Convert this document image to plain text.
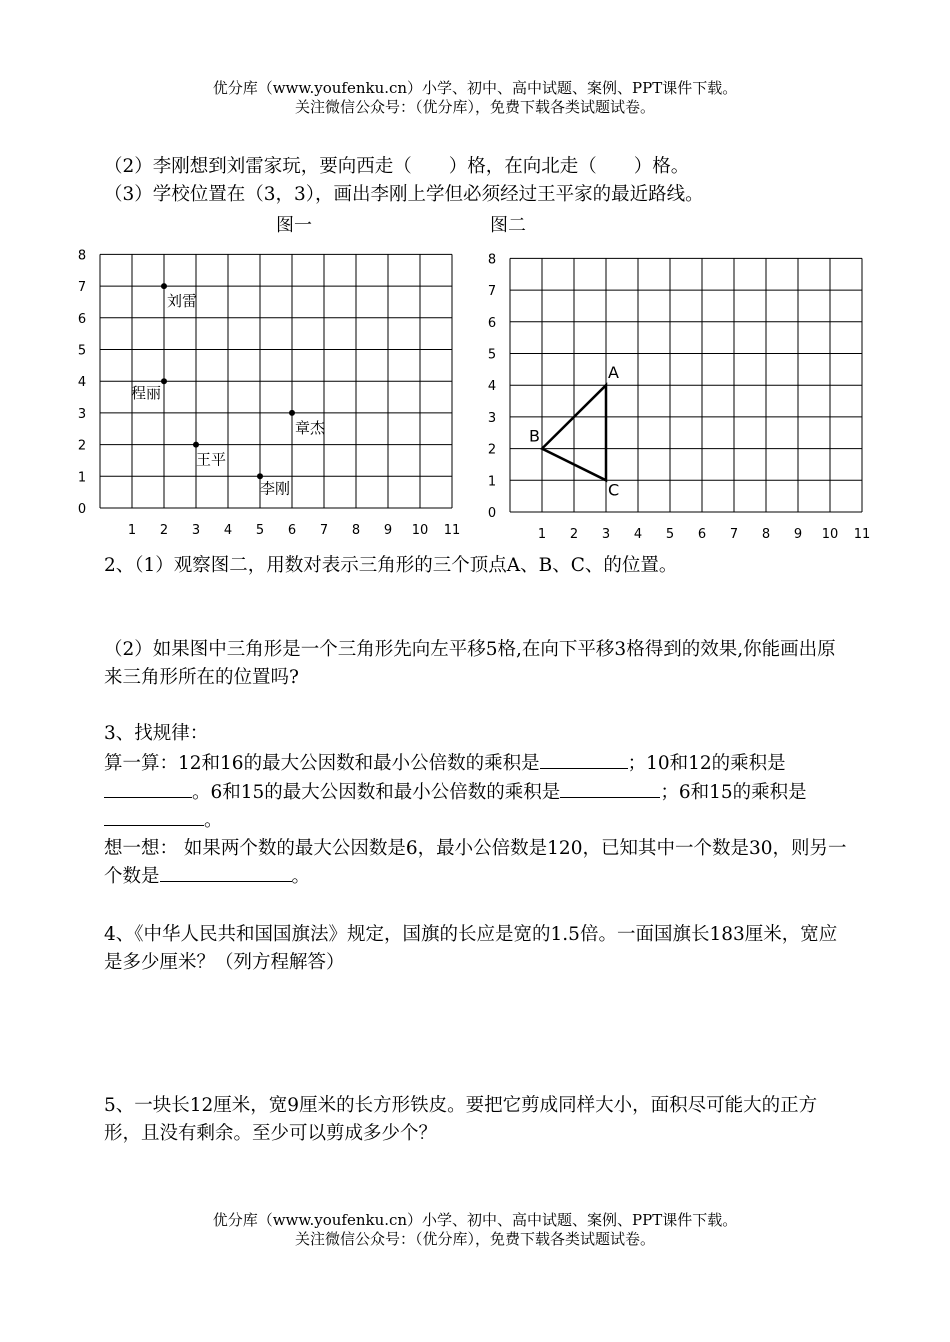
优分库（www.youfenku.cn）小学、初中、高中试题、案例、PPT课件下载。
关注微信公众号：（优分库），免费下载各类试题试卷。
（2）李刚想到刘雷家玩，要向西走（　　）格，在向北走（　　）格。
（3）学校位置在（3，3），画出李刚上学但必须经过王平家的最近路线。
图一	图二
1 2 3 4 5 6 7 8 9 10 11
0
1
2
3
4
5
6
7
8
刘雷
程丽
王平
章杰
李刚
1 2 3 4 5 6 7 8 9 10 11
0
1
2
3
4
5
6
7
8
A
B
C
2、（1）观察图二，用数对表示三角形的三个顶点A、B、C、的位置。
（2）如果图中三角形是一个三角形先向左平移5格,在向下平移3格得到的效果,你能画出原来三角形所在的位置吗?
3、找规律：
算一算：12和16的最大公因数和最小公倍数的乘积是	；10和12的乘积是。6和15的最大公因数和最小公倍数的乘积是	；6和15的乘积是。
想一想： 如果两个数的最大公因数是6，最小公倍数是120，已知其中一个数是30，则另一个数是	。
4、《中华人民共和国国旗法》规定，国旗的长应是宽的1.5倍。一面国旗长183厘米，宽应是多少厘米？（列方程解答）
5、一块长12厘米，宽9厘米的长方形铁皮。要把它剪成同样大小，面积尽可能大的正方形，且没有剩余。至少可以剪成多少个？
优分库（www.youfenku.cn）小学、初中、高中试题、案例、PPT课件下载。
关注微信公众号：（优分库），免费下载各类试题试卷。
